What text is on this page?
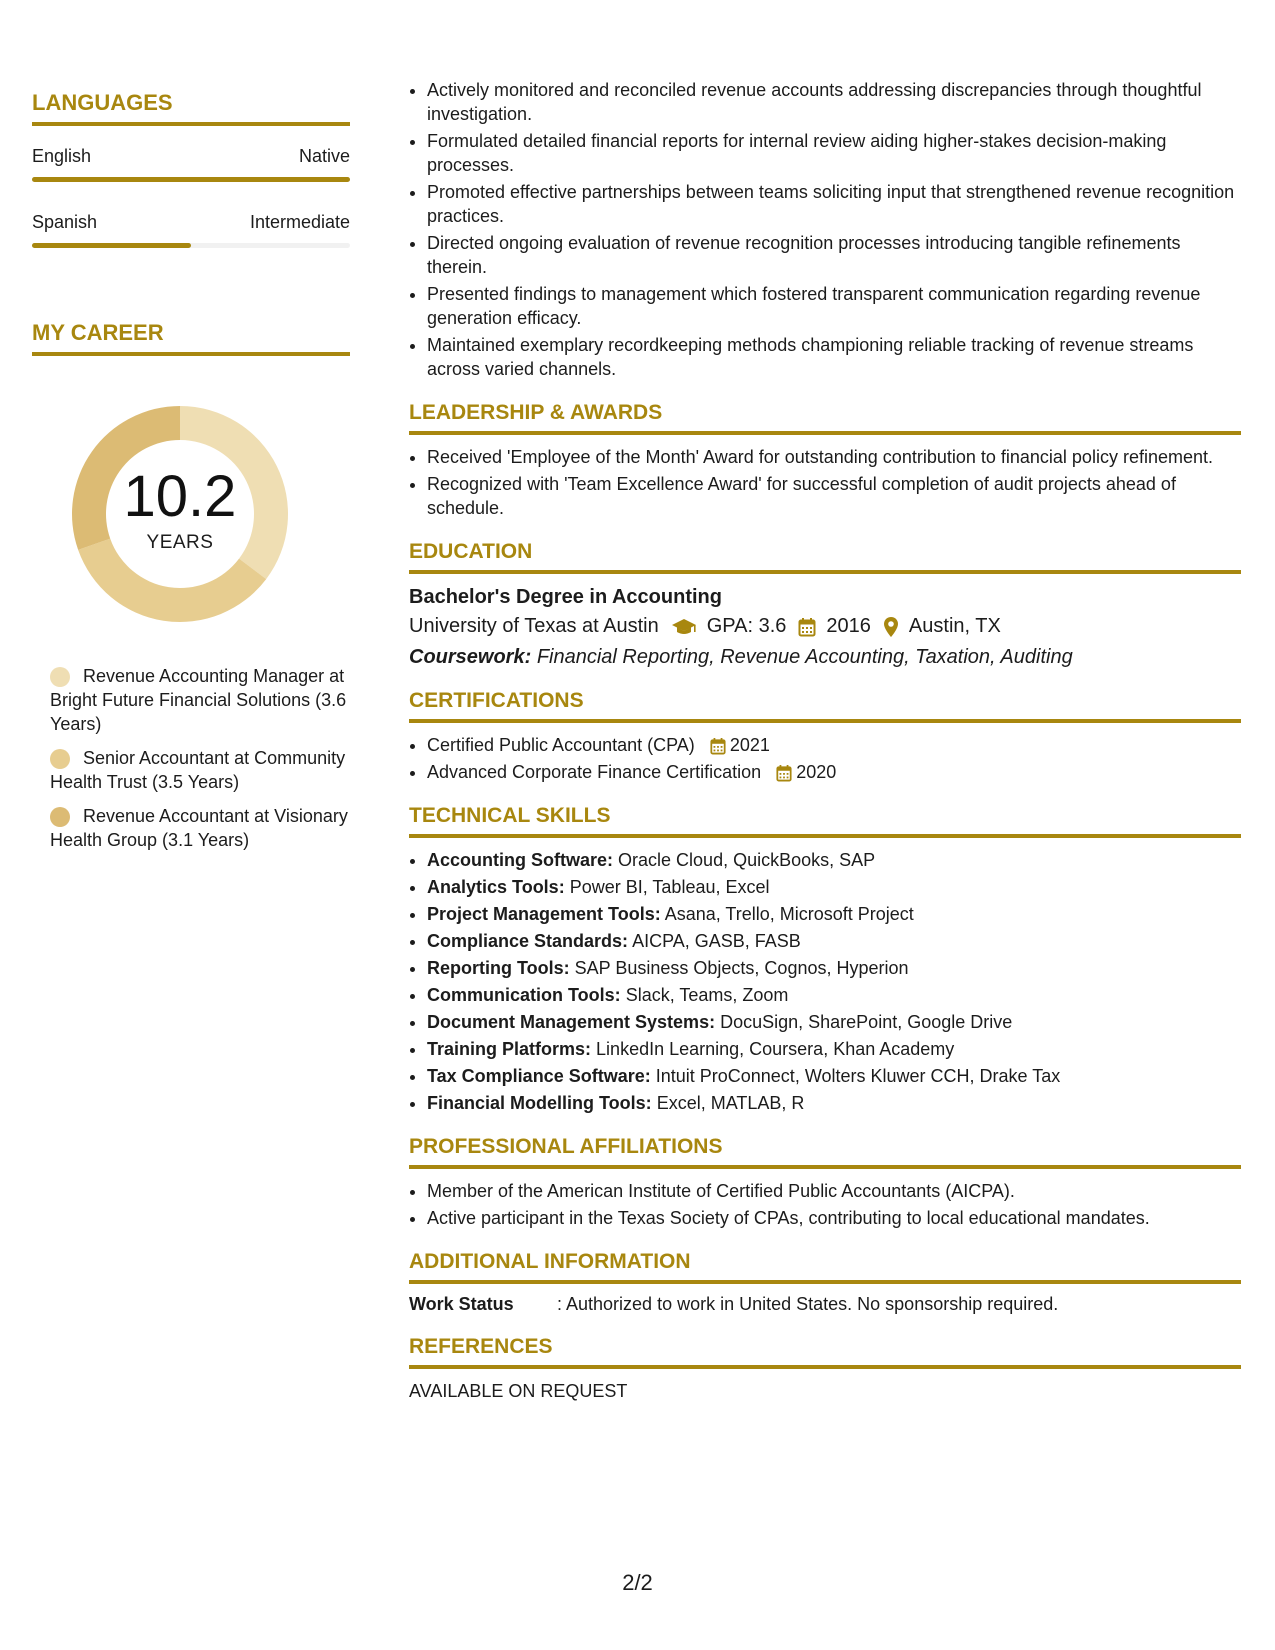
LANGUAGES
English	Native
Spanish	Intermediate
MY CAREER
10.2
YEARS
Revenue Accounting Manager at Bright Future Financial Solutions (3.6 Years)
Senior Accountant at Community Health Trust (3.5 Years)
Revenue Accountant at Visionary Health Group (3.1 Years)
• Actively monitored and reconciled revenue accounts addressing discrepancies through thoughtful investigation.
• Formulated detailed financial reports for internal review aiding higher-stakes decision-making processes.
• Promoted effective partnerships between teams soliciting input that strengthened revenue recognition practices.
• Directed ongoing evaluation of revenue recognition processes introducing tangible refinements therein.
• Presented findings to management which fostered transparent communication regarding revenue generation efficacy.
• Maintained exemplary recordkeeping methods championing reliable tracking of revenue streams across varied channels.
LEADERSHIP & AWARDS
• Received 'Employee of the Month' Award for outstanding contribution to financial policy refinement.
• Recognized with 'Team Excellence Award' for successful completion of audit projects ahead of schedule.
EDUCATION
Bachelor's Degree in Accounting
University of Texas at Austin GPA: 3.6 2016 Austin, TX
Coursework: Financial Reporting, Revenue Accounting, Taxation, Auditing
CERTIFICATIONS
• Certified Public Accountant (CPA) 2021
• Advanced Corporate Finance Certification 2020
TECHNICAL SKILLS
• Accounting Software: Oracle Cloud, QuickBooks, SAP
• Analytics Tools: Power BI, Tableau, Excel
• Project Management Tools: Asana, Trello, Microsoft Project
• Compliance Standards: AICPA, GASB, FASB
• Reporting Tools: SAP Business Objects, Cognos, Hyperion
• Communication Tools: Slack, Teams, Zoom
• Document Management Systems: DocuSign, SharePoint, Google Drive
• Training Platforms: LinkedIn Learning, Coursera, Khan Academy
• Tax Compliance Software: Intuit ProConnect, Wolters Kluwer CCH, Drake Tax
• Financial Modelling Tools: Excel, MATLAB, R
PROFESSIONAL AFFILIATIONS
• Member of the American Institute of Certified Public Accountants (AICPA).
• Active participant in the Texas Society of CPAs, contributing to local educational mandates.
ADDITIONAL INFORMATION
Work Status	: Authorized to work in United States. No sponsorship required.
REFERENCES
AVAILABLE ON REQUEST
2/2
